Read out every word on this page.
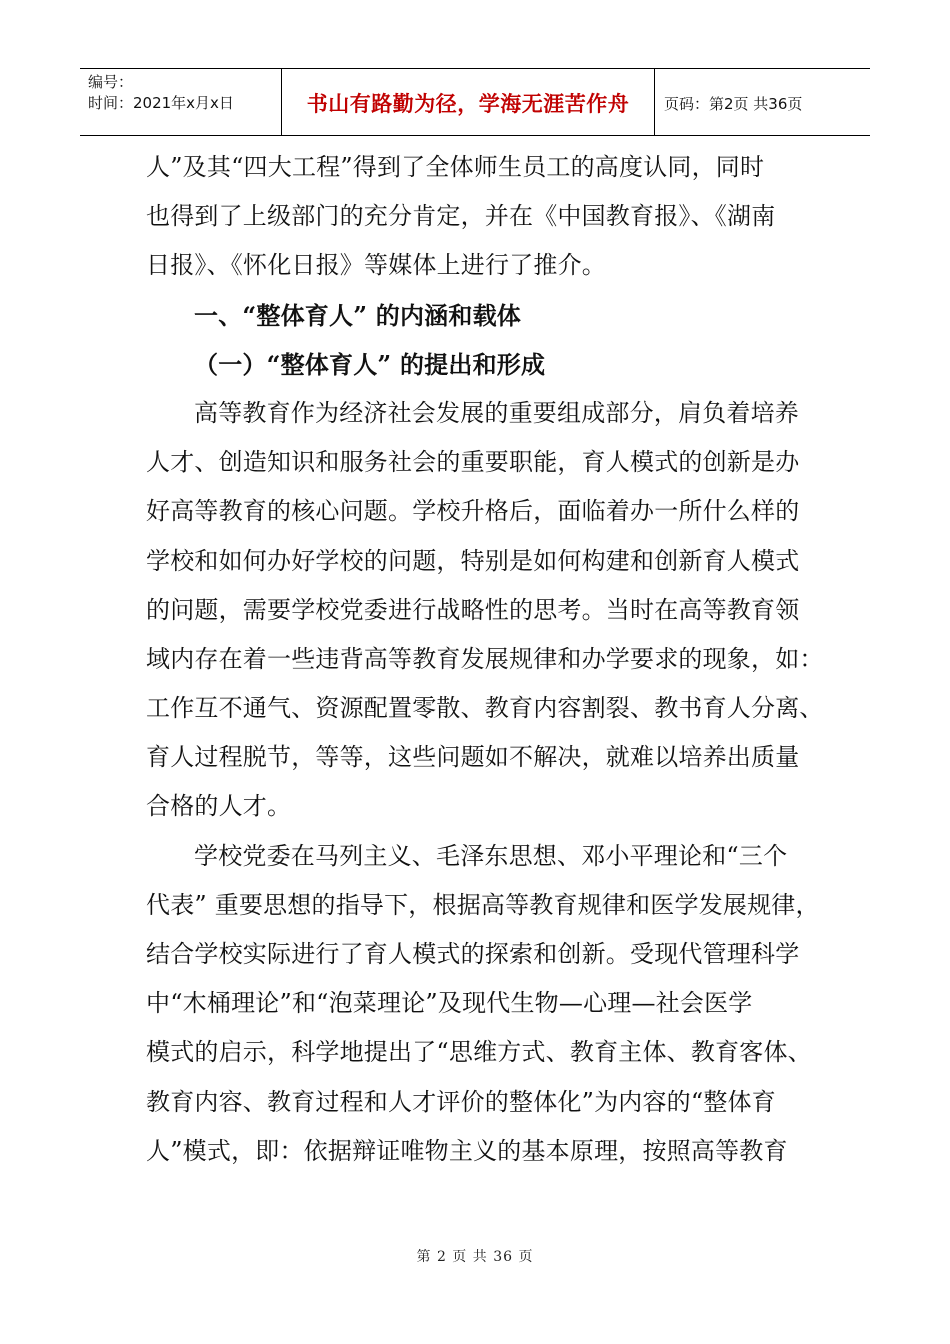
编号：
时间：2021年x月x日	书山有路勤为径，学海无涯苦作舟	页码：第2页 共36页
人”及其“四大工程”得到了全体师生员工的高度认同，同时
也得到了上级部门的充分肯定，并在《中国教育报》、《湖南
日报》、《怀化日报》等媒体上进行了推介。
一、“整体育人” 的内涵和载体
（一）“整体育人” 的提出和形成
高等教育作为经济社会发展的重要组成部分，肩负着培养
人才、创造知识和服务社会的重要职能，育人模式的创新是办
好高等教育的核心问题。学校升格后，面临着办一所什么样的
学校和如何办好学校的问题，特别是如何构建和创新育人模式
的问题，需要学校党委进行战略性的思考。当时在高等教育领
域内存在着一些违背高等教育发展规律和办学要求的现象，如：
工作互不通气、资源配置零散、教育内容割裂、教书育人分离、
育人过程脱节，等等，这些问题如不解决，就难以培养出质量
合格的人才。
学校党委在马列主义、毛泽东思想、邓小平理论和“三个
代表” 重要思想的指导下，根据高等教育规律和医学发展规律，
结合学校实际进行了育人模式的探索和创新。受现代管理科学
中“木桶理论”和“泡菜理论”及现代生物—心理—社会医学
模式的启示，科学地提出了“思维方式、教育主体、教育客体、
教育内容、教育过程和人才评价的整体化”为内容的“整体育
人”模式，即：依据辩证唯物主义的基本原理，按照高等教育
第 2 页 共 36 页
